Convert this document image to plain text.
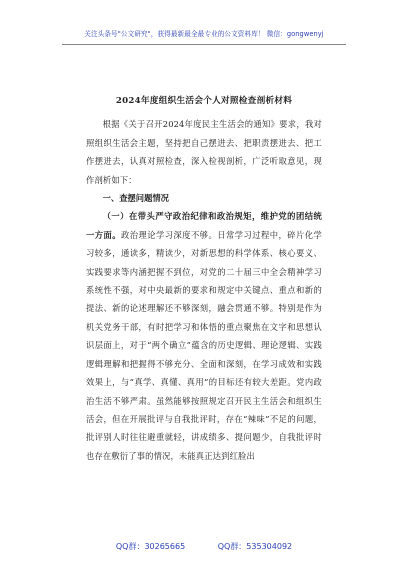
关注头条号"公文研究"，获得最新最全最专业的公文资料库！ 微信：gongwenyj
2024年度组织生活会个人对照检查剖析材料
根据《关于召开2024年度民主生活会的通知》要求，我对照组织生活会主题，坚持把自己摆进去、把职责摆进去、把工作摆进去，认真对照检查，深入检视剖析，广泛听取意见，现作剖析如下：
一、查摆问题情况
（一）在带头严守政治纪律和政治规矩，维护党的团结统一方面。政治理论学习深度不够。日常学习过程中，碎片化学习较多，通读多，精读少，对新思想的科学体系、核心要义、实践要求等内涵把握不到位，对党的二十届三中全会精神学习系统性不强，对中央最新的要求和规定中关键点、重点和新的提法、新的论述理解还不够深刻，融会贯通不够。特别是作为机关党务干部，有时把学习和体悟的重点聚焦在文字和思想认识层面上，对于“两个确立”蕴含的历史逻辑、理论逻辑、实践逻辑理解和把握得不够充分、全面和深刻，在学习成效和实践效果上，与“真学、真懂、真用”的目标还有较大差距。党内政治生活不够严肃。虽然能够按照规定召开民主生活会和组织生活会，但在开展批评与自我批评时，存在“辣味”不足的问题，批评别人时往往避重就轻，讲成绩多、提问题少，自我批评时也存在敷衍了事的情况，未能真正达到红脸出
QQ群：30265665	QQ群：535304092
